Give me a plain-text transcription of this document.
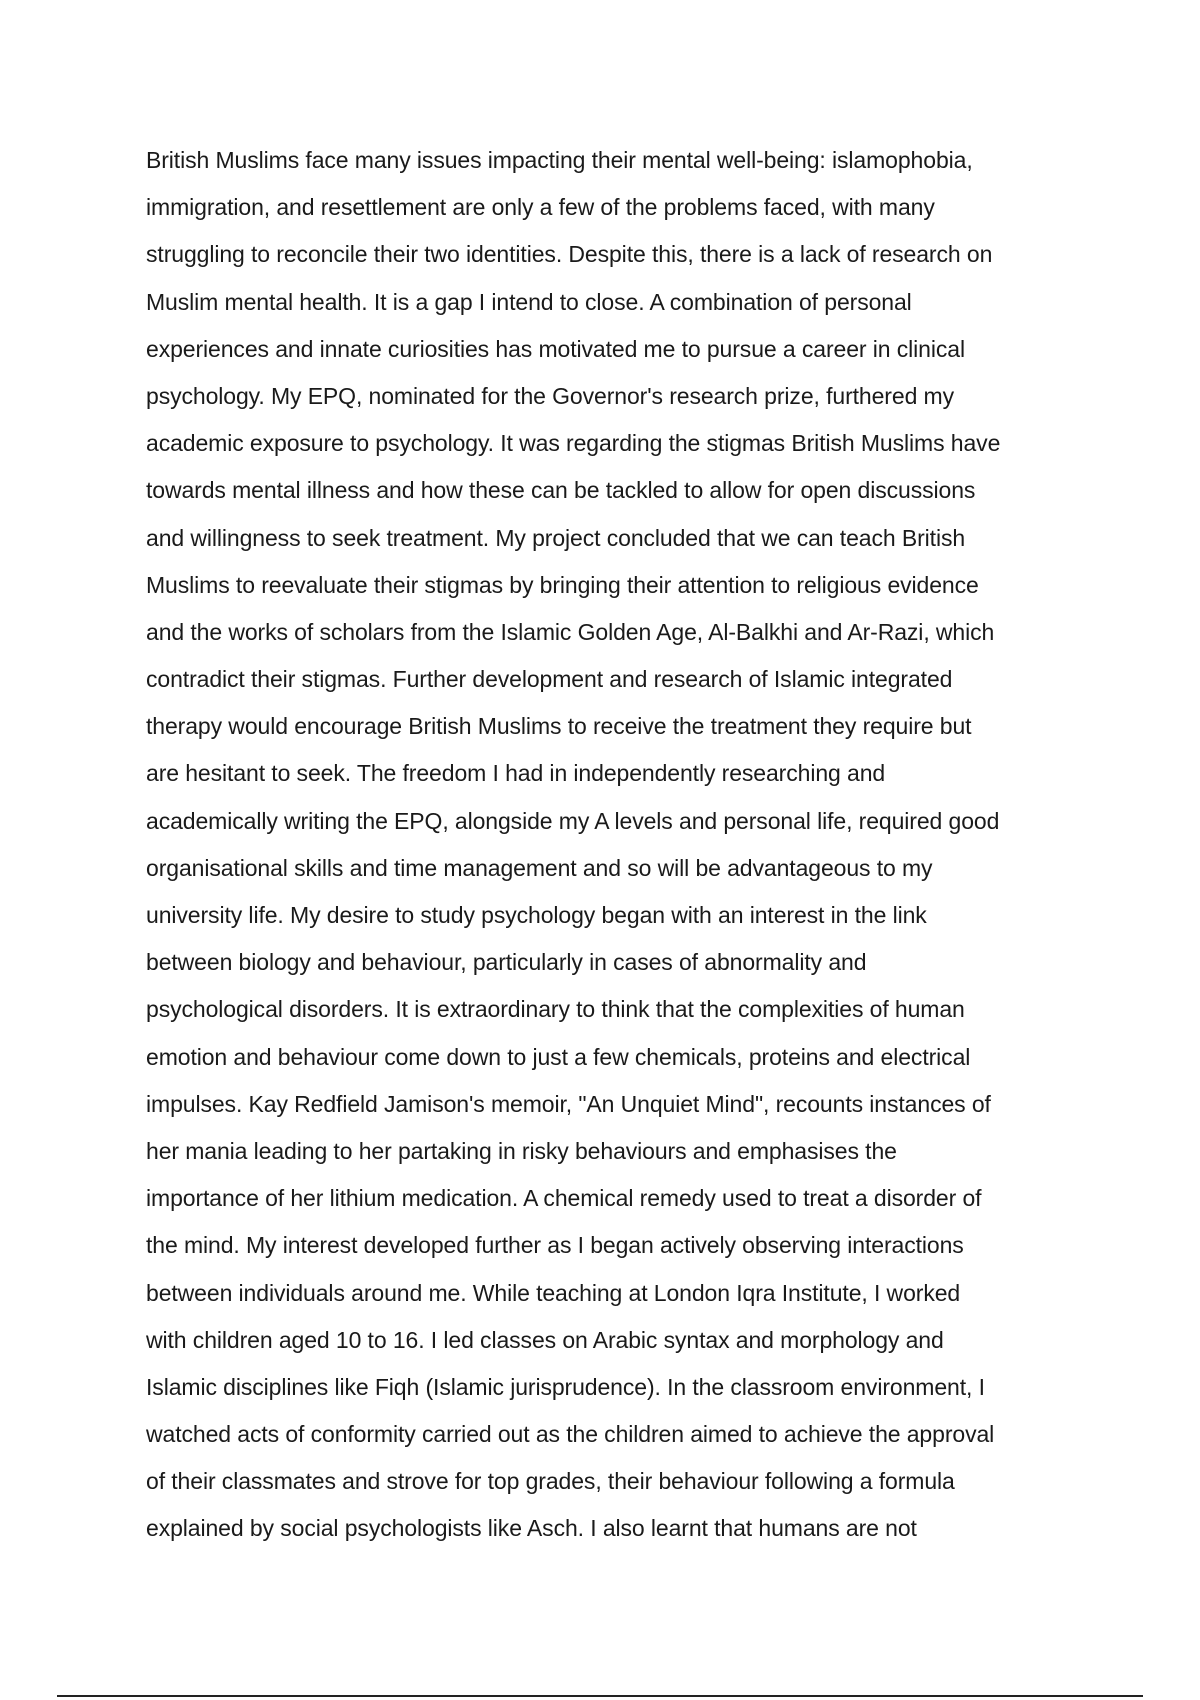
British Muslims face many issues impacting their mental well-being: islamophobia,
immigration, and resettlement are only a few of the problems faced, with many
struggling to reconcile their two identities. Despite this, there is a lack of research on
Muslim mental health. It is a gap I intend to close. A combination of personal
experiences and innate curiosities has motivated me to pursue a career in clinical
psychology. My EPQ, nominated for the Governor's research prize, furthered my
academic exposure to psychology. It was regarding the stigmas British Muslims have
towards mental illness and how these can be tackled to allow for open discussions
and willingness to seek treatment. My project concluded that we can teach British
Muslims to reevaluate their stigmas by bringing their attention to religious evidence
and the works of scholars from the Islamic Golden Age, Al-Balkhi and Ar-Razi, which
contradict their stigmas. Further development and research of Islamic integrated
therapy would encourage British Muslims to receive the treatment they require but
are hesitant to seek. The freedom I had in independently researching and
academically writing the EPQ, alongside my A levels and personal life, required good
organisational skills and time management and so will be advantageous to my
university life. My desire to study psychology began with an interest in the link
between biology and behaviour, particularly in cases of abnormality and
psychological disorders. It is extraordinary to think that the complexities of human
emotion and behaviour come down to just a few chemicals, proteins and electrical
impulses. Kay Redfield Jamison's memoir, "An Unquiet Mind", recounts instances of
her mania leading to her partaking in risky behaviours and emphasises the
importance of her lithium medication. A chemical remedy used to treat a disorder of
the mind. My interest developed further as I began actively observing interactions
between individuals around me. While teaching at London Iqra Institute, I worked
with children aged 10 to 16. I led classes on Arabic syntax and morphology and
Islamic disciplines like Fiqh (Islamic jurisprudence). In the classroom environment, I
watched acts of conformity carried out as the children aimed to achieve the approval
of their classmates and strove for top grades, their behaviour following a formula
explained by social psychologists like Asch. I also learnt that humans are not
